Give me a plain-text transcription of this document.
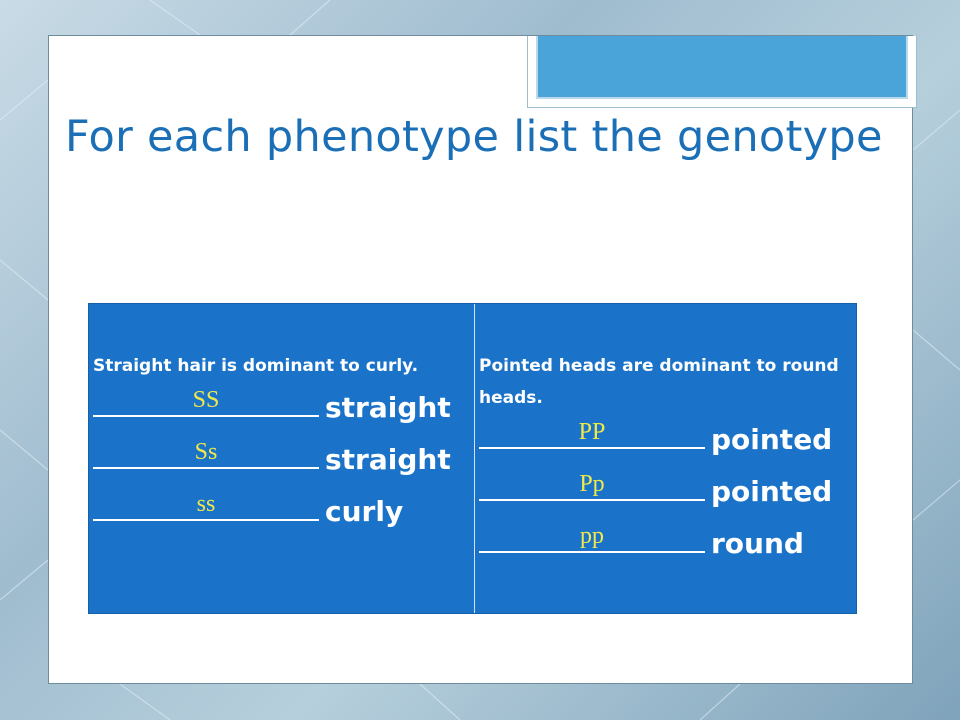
For each phenotype list the genotype

Straight hair is dominant to curly.

SS	straight
Ss	straight
ss	curly

Pointed heads are dominant to round heads.

PP	pointed
Pp	pointed
pp	round
